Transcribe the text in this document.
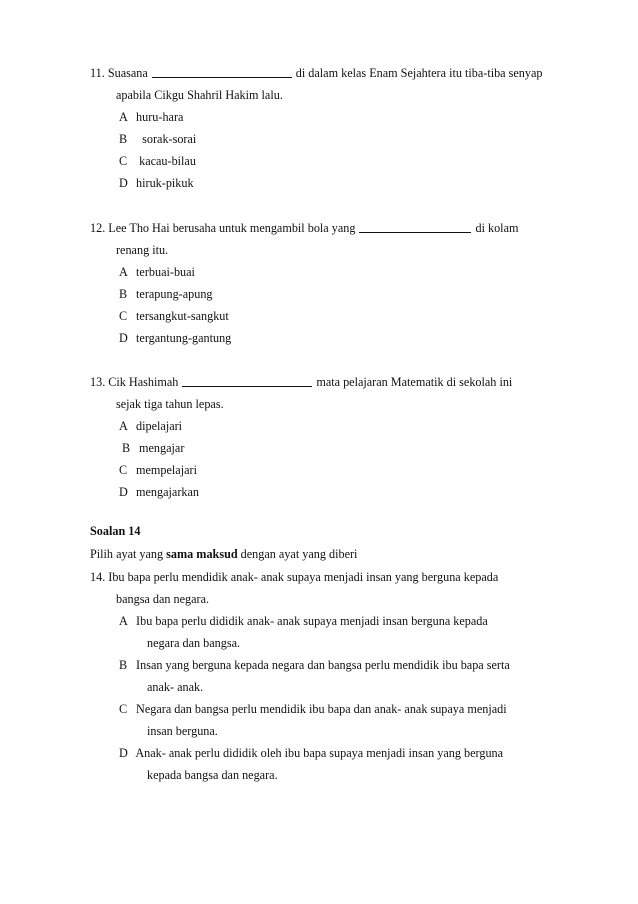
11. Suasana	di dalam kelas Enam Sejahtera itu tiba-tiba senyap
apabila Cikgu Shahril Hakim lalu.
A huru-hara
B sorak-sorai
C kacau-bilau
D hiruk-pikuk
12. Lee Tho Hai berusaha untuk mengambil bola yang	di kolam
renang itu.
A terbuai-buai
B terapung-apung
C tersangkut-sangkut
D tergantung-gantung
13. Cik Hashimah	mata pelajaran Matematik di sekolah ini
sejak tiga tahun lepas.
A dipelajari
B mengajar
C mempelajari
D mengajarkan
Soalan 14
Pilih ayat yang sama maksud dengan ayat yang diberi
14. Ibu bapa perlu mendidik anak- anak supaya menjadi insan yang berguna kepada
bangsa dan negara.
A Ibu bapa perlu dididik anak- anak supaya menjadi insan berguna kepada
negara dan bangsa.
B Insan yang berguna kepada negara dan bangsa perlu mendidik ibu bapa serta
anak- anak.
C Negara dan bangsa perlu mendidik ibu bapa dan anak- anak supaya menjadi
insan berguna.
D Anak- anak perlu dididik oleh ibu bapa supaya menjadi insan yang berguna
kepada bangsa dan negara.
